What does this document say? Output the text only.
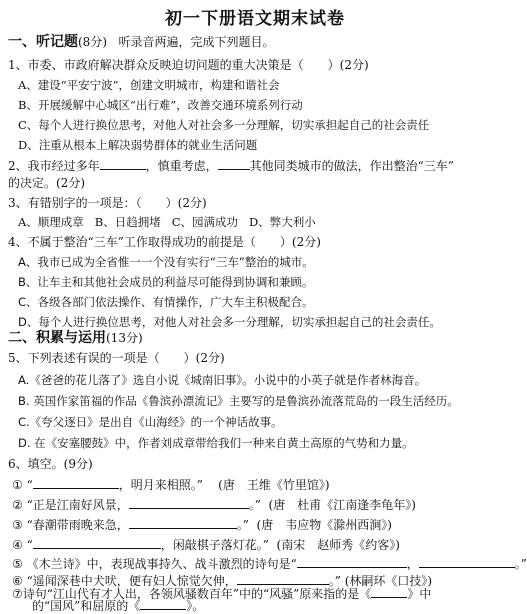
初一下册语文期末试卷
一、听记题(8分) 听录音两遍，完成下列题目。
1、市委、市政府解决群众反映迫切问题的重大决策是（　　）(2分)
A、建设“平安宁波”，创建文明城市，构建和谐社会
B、开展缓解中心城区“出行难”，改善交通环境系列行动
C、每个人进行换位思考，对他人对社会多一分理解，切实承担起自己的社会责任
D、注重从根本上解决弱势群体的就业生活问题
2、我市经过多年	，慎重考虑，	其他同类城市的做法，作出整治“三车”
的决定。(2分)
3、有错别字的一项是：（　　）(2分)
A、顺理成章 B、日趋拥堵 C、园满成功 D、弊大利小
4、不属于整治“三车”工作取得成功的前提是（　　）(2分)
A、我市已成为全省惟一一个没有实行“三车”整治的城市。
B、让车主和其他社会成员的利益尽可能得到协调和兼顾。
C、各级各部门依法操作、有情操作，广大车主积极配合。
D、每个人进行换位思考，对他人对社会多一分理解，切实承担起自己的社会责任。
二、积累与运用(13分)
5、下列表述有误的一项是（　　）(2分)
A.《爸爸的花儿落了》选自小说《城南旧事》。小说中的小英子就是作者林海音。
B. 英国作家笛福的作品《鲁滨孙漂流记》主要写的是鲁滨孙流落荒岛的一段生活经历。
C.《夸父逐日》是出自《山海经》的一个神话故事。
D. 在《安塞腰鼓》中，作者刘成章带给我们一种来自黄土高原的气势和力量。
6、填空。(9分)
① “	，明月来相照。” (唐　王维《竹里馆》)
② “正是江南好风景，	。” (唐　杜甫《江南逢李龟年》)
③ “春潮带雨晚来急，	。” (唐　韦应物《滁州西涧》)
④ “	，闲敲棋子落灯花。” (南宋　赵师秀《约客》)
⑤ 《木兰诗》中，表现战事持久、战斗激烈的诗句是“	，	。”
⑥ “遥闻深巷中犬吠，便有妇人惊觉欠伸，	。” (林嗣环《口技》)
⑦诗句“江山代有才人出，各领风骚数百年”中的“风骚”原来指的是《	》中
的“国风”和屈原的《	》。
